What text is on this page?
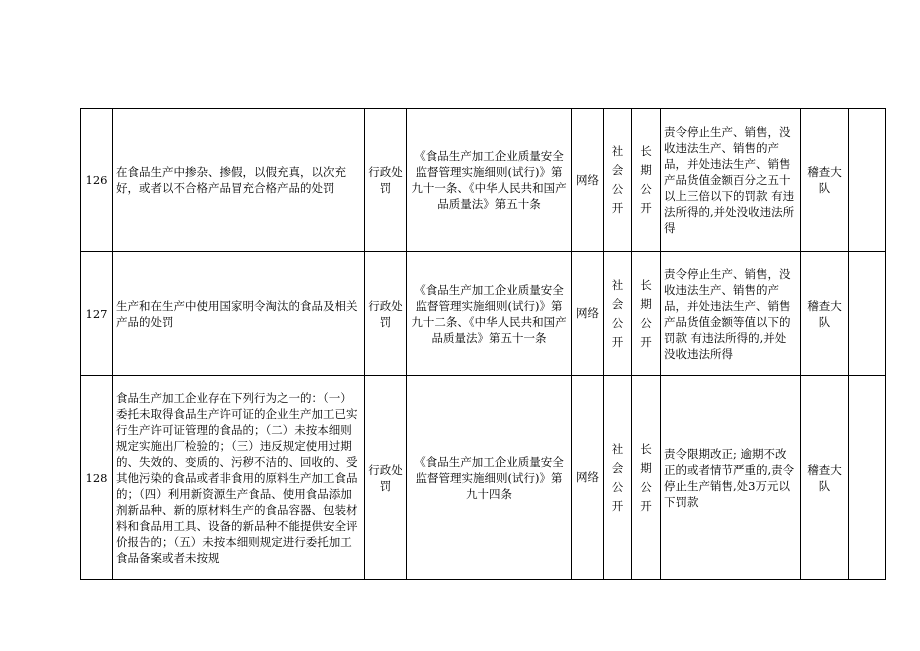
126	在食品生产中掺杂、掺假，以假充真，以次充好，或者以不合格产品冒充合格产品的处罚	行政处罚	《食品生产加工企业质量安全监督管理实施细则(试行)》第九十一条、《中华人民共和国产品质量法》第五十条	网络	社会公开	长期公开	责令停止生产、销售，没收违法生产、销售的产品，并处违法生产、销售产品货值金额百分之五十以上三倍以下的罚款 有违法所得的,并处没收违法所得	稽查大队	
127	生产和在生产中使用国家明令淘汰的食品及相关产品的处罚	行政处罚	《食品生产加工企业质量安全监督管理实施细则(试行)》第九十二条、《中华人民共和国产品质量法》第五十一条	网络	社会公开	长期公开	责令停止生产、销售，没收违法生产、销售的产品，并处违法生产、销售产品货值金额等值以下的罚款 有违法所得的,并处没收违法所得	稽查大队	
128	食品生产加工企业存在下列行为之一的：（一）委托未取得食品生产许可证的企业生产加工已实行生产许可证管理的食品的；（二）未按本细则规定实施出厂检验的；（三）违反规定使用过期的、失效的、变质的、污秽不洁的、回收的、受其他污染的食品或者非食用的原料生产加工食品的；（四）利用新资源生产食品、使用食品添加剂新品种、新的原材料生产的食品容器、包装材料和食品用工具、设备的新品种不能提供安全评价报告的；（五）未按本细则规定进行委托加工食品备案或者未按规	行政处罚	《食品生产加工企业质量安全监督管理实施细则(试行)》第九十四条	网络	社会公开	长期公开	责令限期改正; 逾期不改正的或者情节严重的,责令停止生产销售,处3万元以下罚款	稽查大队	
